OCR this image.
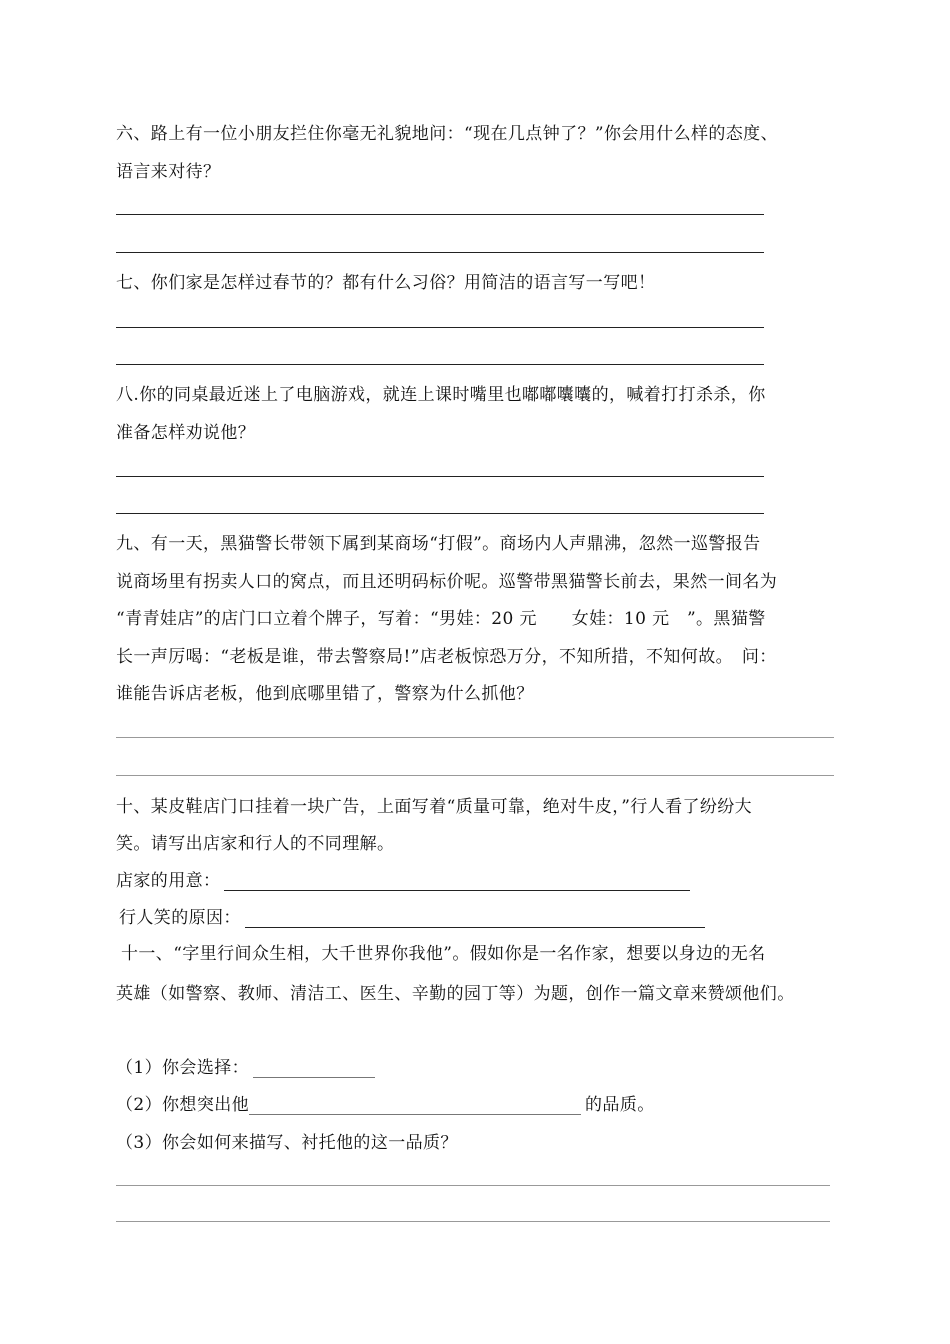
六、路上有一位小朋友拦住你毫无礼貌地问：“现在几点钟了？”你会用什么样的态度、
语言来对待？
七、你们家是怎样过春节的？都有什么习俗？用简洁的语言写一写吧！
八.你的同桌最近迷上了电脑游戏，就连上课时嘴里也嘟嘟囔囔的，喊着打打杀杀，你
准备怎样劝说他？
九、有一天，黑猫警长带领下属到某商场“打假”。商场内人声鼎沸，忽然一巡警报告
说商场里有拐卖人口的窝点，而且还明码标价呢。巡警带黑猫警长前去，果然一间名为
“青青娃店”的店门口立着个牌子，写着：“男娃：20 元　　女娃：10 元　”。黑猫警
长一声厉喝：“老板是谁，带去警察局!”店老板惊恐万分，不知所措，不知何故。　问：
谁能告诉店老板，他到底哪里错了，警察为什么抓他？
十、某皮鞋店门口挂着一块广告，上面写着“质量可靠，绝对牛皮，”行人看了纷纷大
笑。请写出店家和行人的不同理解。
店家的用意：
行人笑的原因：
十一、“字里行间众生相，大千世界你我他”。假如你是一名作家，想要以身边的无名
英雄（如警察、教师、清洁工、医生、辛勤的园丁等）为题，创作一篇文章来赞颂他们。
（1）你会选择：
（2）你想突出他	的品质。
（3）你会如何来描写、衬托他的这一品质？
